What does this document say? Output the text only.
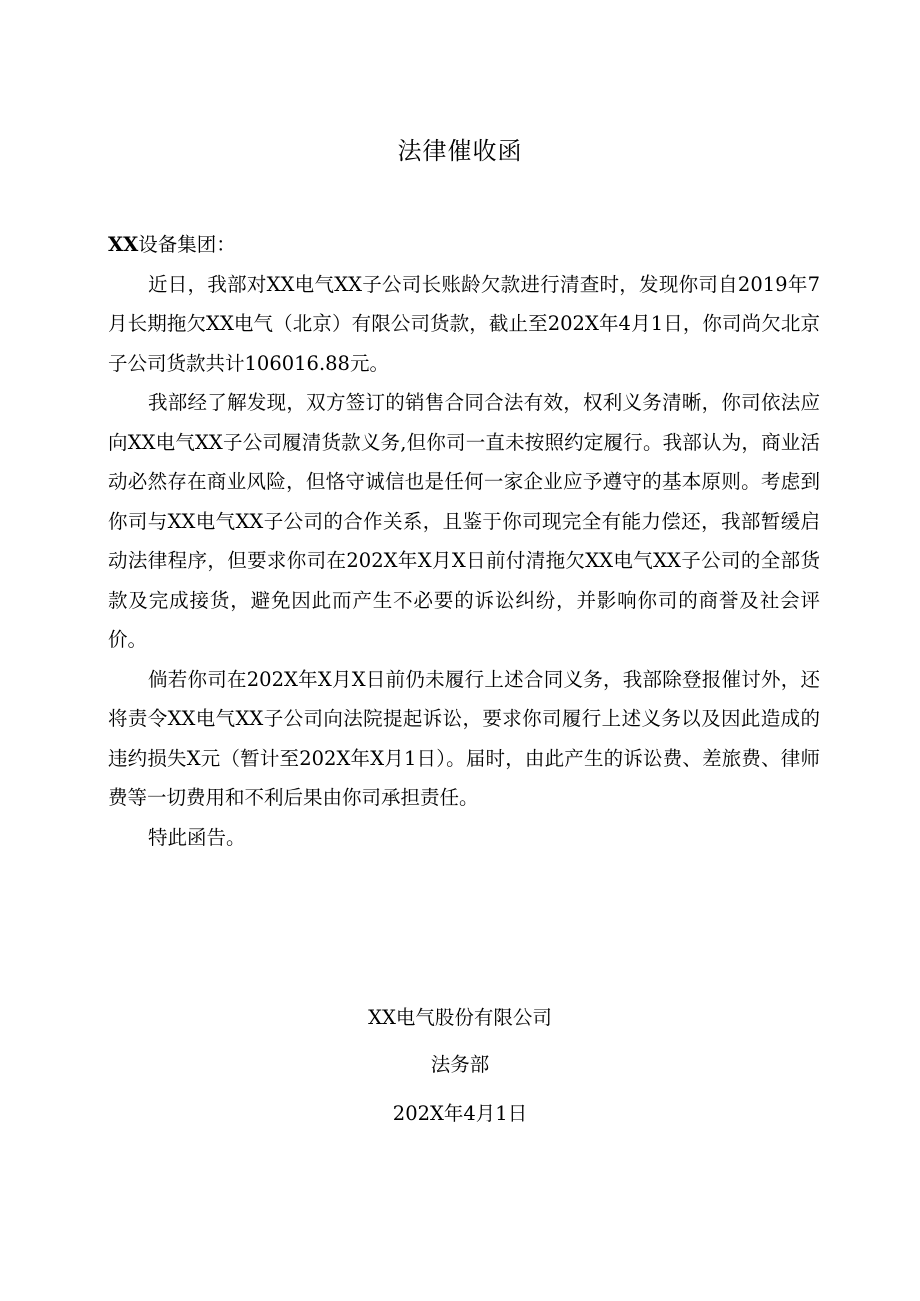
法律催收函

XX设备集团：

近日，我部对XX电气XX子公司长账龄欠款进行清查时，发现你司自2019年7月长期拖欠XX电气（北京）有限公司货款，截止至202X年4月1日，你司尚欠北京子公司货款共计106016.88元。

我部经了解发现，双方签订的销售合同合法有效，权利义务清晰，你司依法应向XX电气XX子公司履清货款义务,但你司一直未按照约定履行。我部认为，商业活动必然存在商业风险，但恪守诚信也是任何一家企业应予遵守的基本原则。考虑到你司与XX电气XX子公司的合作关系，且鉴于你司现完全有能力偿还，我部暂缓启动法律程序，但要求你司在202X年X月X日前付清拖欠XX电气XX子公司的全部货款及完成接货，避免因此而产生不必要的诉讼纠纷，并影响你司的商誉及社会评价。

倘若你司在202X年X月X日前仍未履行上述合同义务，我部除登报催讨外，还将责令XX电气XX子公司向法院提起诉讼，要求你司履行上述义务以及因此造成的违约损失X元（暂计至202X年X月1日）。届时，由此产生的诉讼费、差旅费、律师费等一切费用和不利后果由你司承担责任。

特此函告。

XX电气股份有限公司
法务部
202X年4月1日
